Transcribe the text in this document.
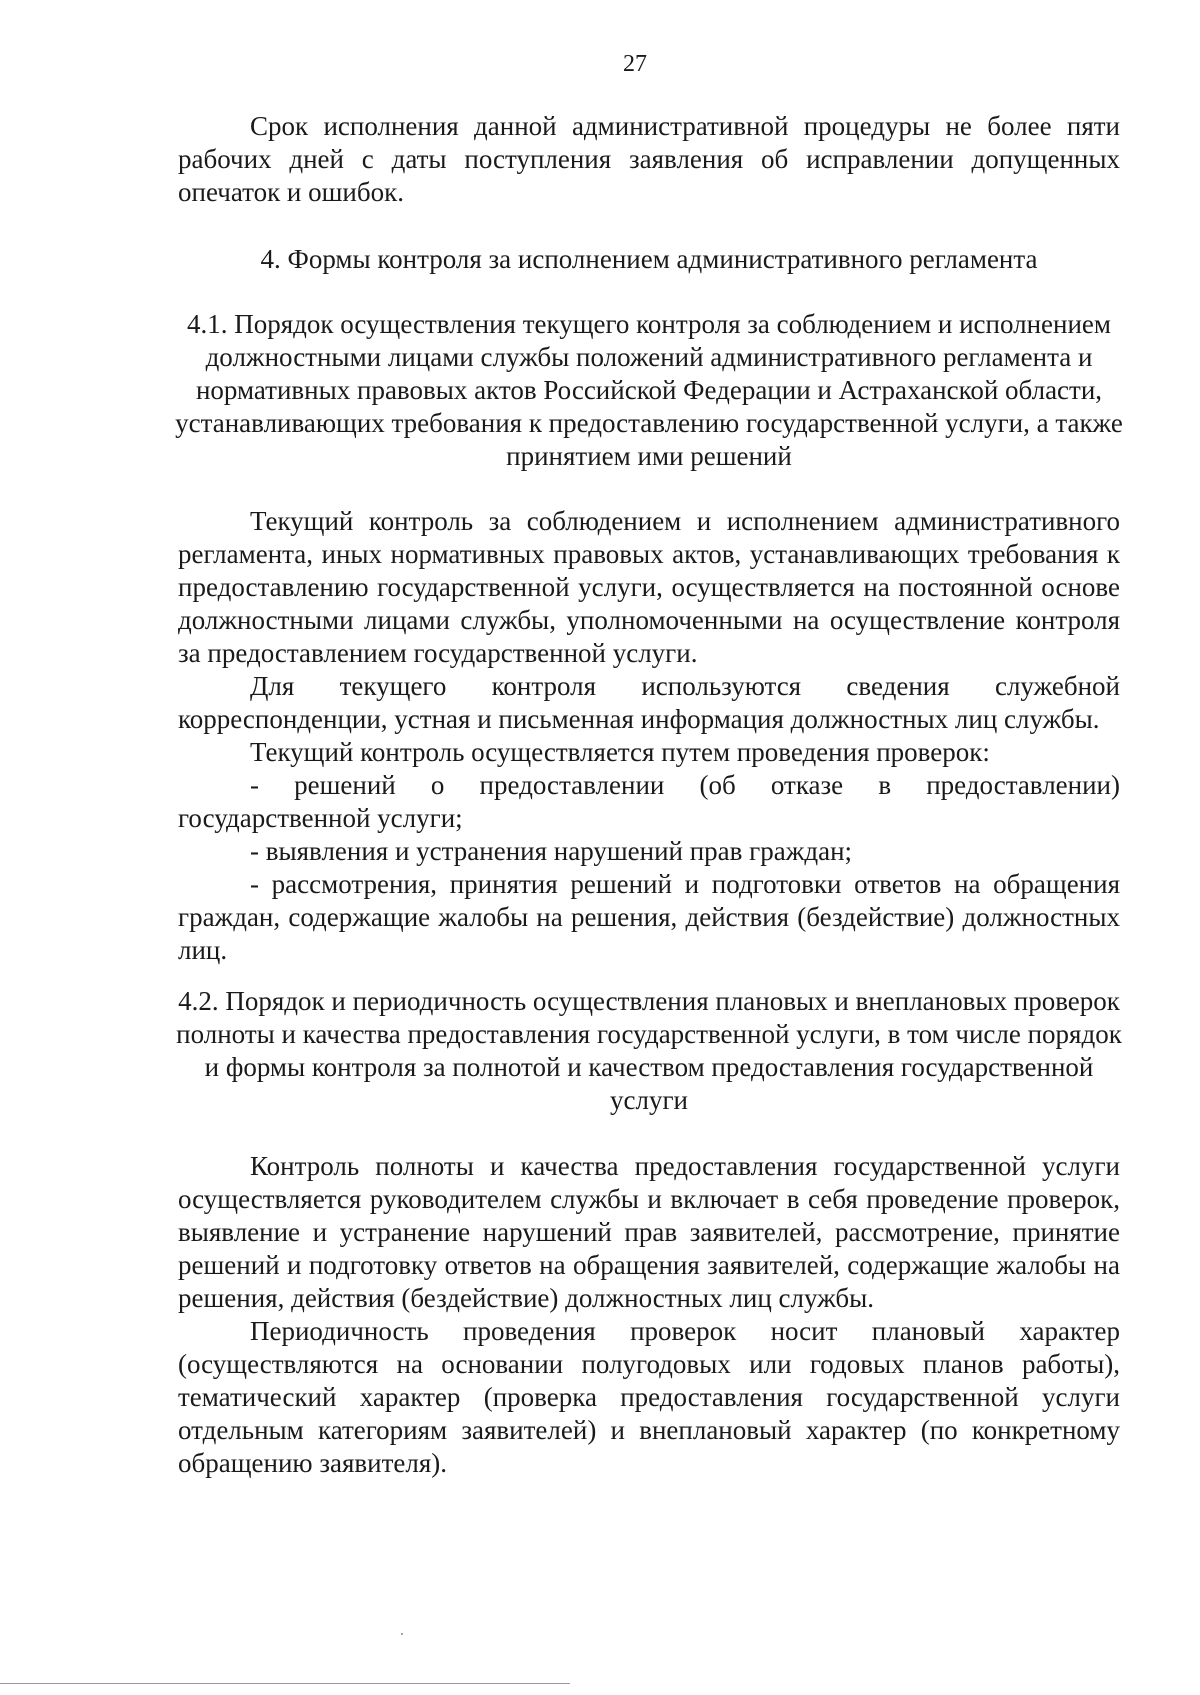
27

Срок исполнения данной административной процедуры не более пяти рабочих дней с даты поступления заявления об исправлении допущенных опечаток и ошибок.

4. Формы контроля за исполнением административного регламента

4.1. Порядок осуществления текущего контроля за соблюдением и исполнением должностными лицами службы положений административного регламента и нормативных правовых актов Российской Федерации и Астраханской области, устанавливающих требования к предоставлению государственной услуги, а также принятием ими решений

Текущий контроль за соблюдением и исполнением административного регламента, иных нормативных правовых актов, устанавливающих требования к предоставлению государственной услуги, осуществляется на постоянной основе должностными лицами службы, уполномоченными на осуществление контроля за предоставлением государственной услуги.

Для текущего контроля используются сведения служебной корреспонденции, устная и письменная информация должностных лиц службы.

Текущий контроль осуществляется путем проведения проверок:

- решений о предоставлении (об отказе в предоставлении) государственной услуги;

- выявления и устранения нарушений прав граждан;

- рассмотрения, принятия решений и подготовки ответов на обращения граждан, содержащие жалобы на решения, действия (бездействие) должностных лиц.

4.2. Порядок и периодичность осуществления плановых и внеплановых проверок полноты и качества предоставления государственной услуги, в том числе порядок и формы контроля за полнотой и качеством предоставления государственной услуги

Контроль полноты и качества предоставления государственной услуги осуществляется руководителем службы и включает в себя проведение проверок, выявление и устранение нарушений прав заявителей, рассмотрение, принятие решений и подготовку ответов на обращения заявителей, содержащие жалобы на решения, действия (бездействие) должностных лиц службы.

Периодичность проведения проверок носит плановый характер (осуществляются на основании полугодовых или годовых планов работы), тематический характер (проверка предоставления государственной услуги отдельным категориям заявителей) и внеплановый характер (по конкретному обращению заявителя).
